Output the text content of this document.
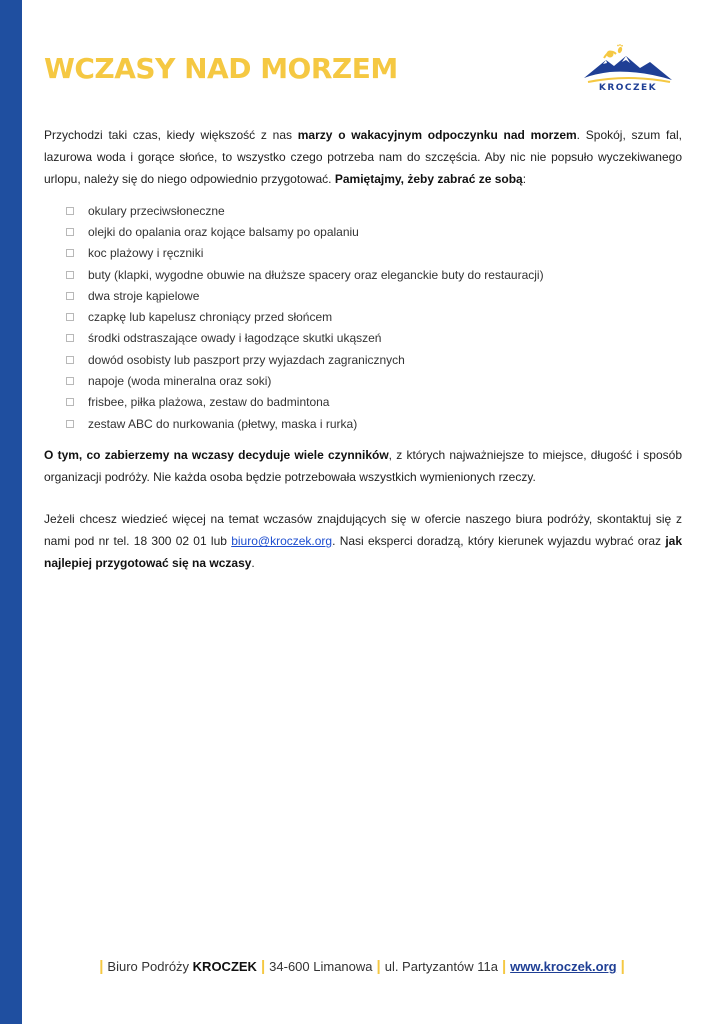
WCZASY NAD MORZEM
KROCZEK

Przychodzi taki czas, kiedy większość z nas marzy o wakacyjnym odpoczynku nad morzem. Spokój, szum fal, lazurowa woda i gorące słońce, to wszystko czego potrzeba nam do szczęścia. Aby nic nie popsuło wyczekiwanego urlopu, należy się do niego odpowiednio przygotować. Pamiętajmy, żeby zabrać ze sobą:

okulary przeciwsłoneczne
olejki do opalania oraz kojące balsamy po opalaniu
koc plażowy i ręczniki
buty (klapki, wygodne obuwie na dłuższe spacery oraz eleganckie buty do restauracji)
dwa stroje kąpielowe
czapkę lub kapelusz chroniący przed słońcem
środki odstraszające owady i łagodzące skutki ukąszeń
dowód osobisty lub paszport przy wyjazdach zagranicznych
napoje (woda mineralna oraz soki)
frisbee, piłka plażowa, zestaw do badmintona
zestaw ABC do nurkowania (płetwy, maska i rurka)

O tym, co zabierzemy na wczasy decyduje wiele czynników, z których najważniejsze to miejsce, długość i sposób organizacji podróży. Nie każda osoba będzie potrzebowała wszystkich wymienionych rzeczy.

Jeżeli chcesz wiedzieć więcej na temat wczasów znajdujących się w ofercie naszego biura podróży, skontaktuj się z nami pod nr tel. 18 300 02 01 lub biuro@kroczek.org. Nasi eksperci doradzą, który kierunek wyjazdu wybrać oraz jak najlepiej przygotować się na wczasy.

| Biuro Podróży KROCZEK | 34-600 Limanowa | ul. Partyzantów 11a | www.kroczek.org |
